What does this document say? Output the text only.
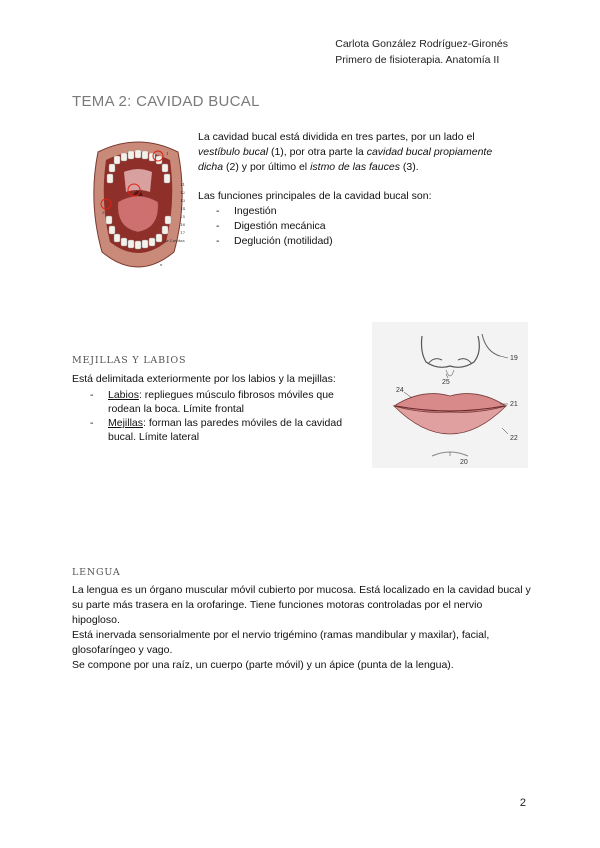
Carlota González Rodríguez-Gironés
Primero de fisioterapia. Anatomía II
TEMA 2: CAVIDAD BUCAL
1
2
3
11
12
13
14
15
16
17
Ar.Cavitas
e

La cavidad bucal está dividida en tres partes, por un lado el vestíbulo bucal (1), por otra parte la cavidad bucal propiamente dicha (2) y por último el istmo de las fauces (3).

Las funciones principales de la cavidad bucal son:

- Ingestión
- Digestión mecánica
- Deglución (motilidad)
MEJILLAS Y LABIOS

Está delimitada exteriormente por los labios y la mejillas:

- Labios: repliegues músculo fibrosos móviles que rodean la boca. Límite frontal
- Mejillas: forman las paredes móviles de la cavidad bucal. Límite lateral
19
25
24
21
22
20
LENGUA

La lengua es un órgano muscular móvil cubierto por mucosa. Está localizado en la cavidad bucal y su parte más trasera en la orofaringe. Tiene funciones motoras controladas por el nervio hipogloso.

Está inervada sensorialmente por el nervio trigémino (ramas mandibular y maxilar), facial, glosofaríngeo y vago.

Se compone por una raíz, un cuerpo (parte móvil) y un ápice (punta de la lengua).

2
